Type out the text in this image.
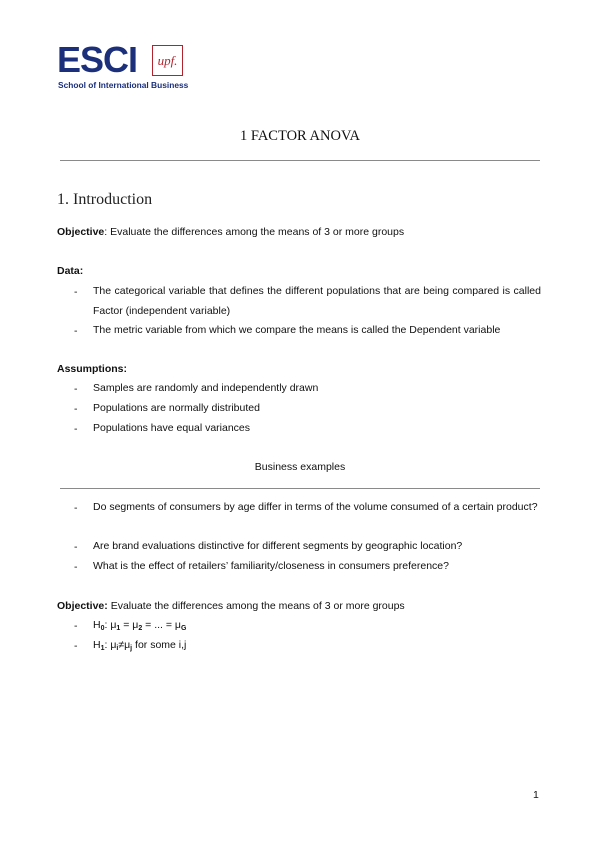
ESCI upf.
School of International Business
1 FACTOR ANOVA
1. Introduction
Objective: Evaluate the differences among the means of 3 or more groups
Data:
- The categorical variable that defines the different populations that are being compared is called Factor (independent variable)
- The metric variable from which we compare the means is called the Dependent variable
Assumptions:
- Samples are randomly and independently drawn
- Populations are normally distributed
- Populations have equal variances
Business examples
- Do segments of consumers by age differ in terms of the volume consumed of a certain product?
- Are brand evaluations distinctive for different segments by geographic location?
- What is the effect of retailers’ familiarity/closeness in consumers preference?
Objective: Evaluate the differences among the means of 3 or more groups
- $H_0$: $\mu_1 = \mu_2$ = ... = $\mu_G$
- $H_1$: $\mu_i\ne\mu_j$ for some i,j
1
